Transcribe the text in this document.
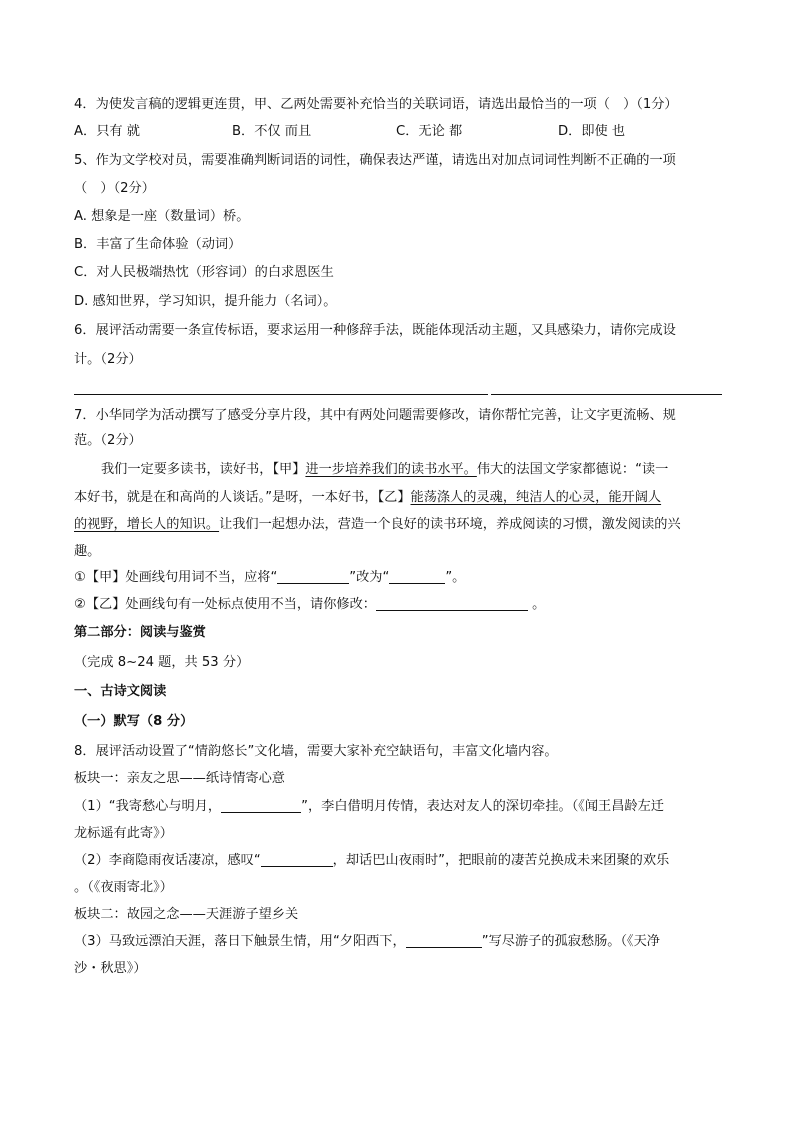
4．为使发言稿的逻辑更连贯，甲、乙两处需要补充恰当的关联词语，请选出最恰当的一项（　）（1分）
A．只有 就	B．不仅 而且	C．无论 都	D．即使 也
5、作为文学校对员，需要准确判断词语的词性，确保表达严谨，请选出对加点词词性判断不正确的一项
（　）（2分）
A. 想象是一座（数量词）桥。
B．丰富了生命体验（动词）
C．对人民极端热忱（形容词）的白求恩医生
D. 感知世界，学习知识，提升能力（名词）。
6．展评活动需要一条宣传标语，要求运用一种修辞手法，既能体现活动主题，又具感染力，请你完成设
计。（2分）
7．小华同学为活动撰写了感受分享片段，其中有两处问题需要修改，请你帮忙完善，让文字更流畅、规
范。（2分）
我们一定要多读书，读好书，【甲】进一步培养我们的读书水平。伟大的法国文学家都德说：“读一
本好书，就是在和高尚的人谈话。”是呀，一本好书，【乙】能荡涤人的灵魂，纯洁人的心灵，能开阔人
的视野，增长人的知识。让我们一起想办法，营造一个良好的读书环境，养成阅读的习惯，激发阅读的兴
趣。
①【甲】处画线句用词不当，应将“	”改为“	”。
②【乙】处画线句有一处标点使用不当，请你修改：	。
第二部分：阅读与鉴赏
（完成 8~24 题，共 53 分）
一、古诗文阅读
（一）默写（8 分）
8．展评活动设置了“情韵悠长”文化墙，需要大家补充空缺语句，丰富文化墙内容。
板块一：亲友之思——纸诗情寄心意
（1）“我寄愁心与明月，	”，李白借明月传情，表达对友人的深切牵挂。（《闻王昌龄左迁
龙标遥有此寄》）
（2）李商隐雨夜话凄凉，感叹“	，却话巴山夜雨时”，把眼前的凄苦兑换成未来团聚的欢乐
。（《夜雨寄北》）
板块二：故园之念——天涯游子望乡关
（3）马致远漂泊天涯，落日下触景生情，用“夕阳西下，	”写尽游子的孤寂愁肠。（《天净
沙・秋思》）
